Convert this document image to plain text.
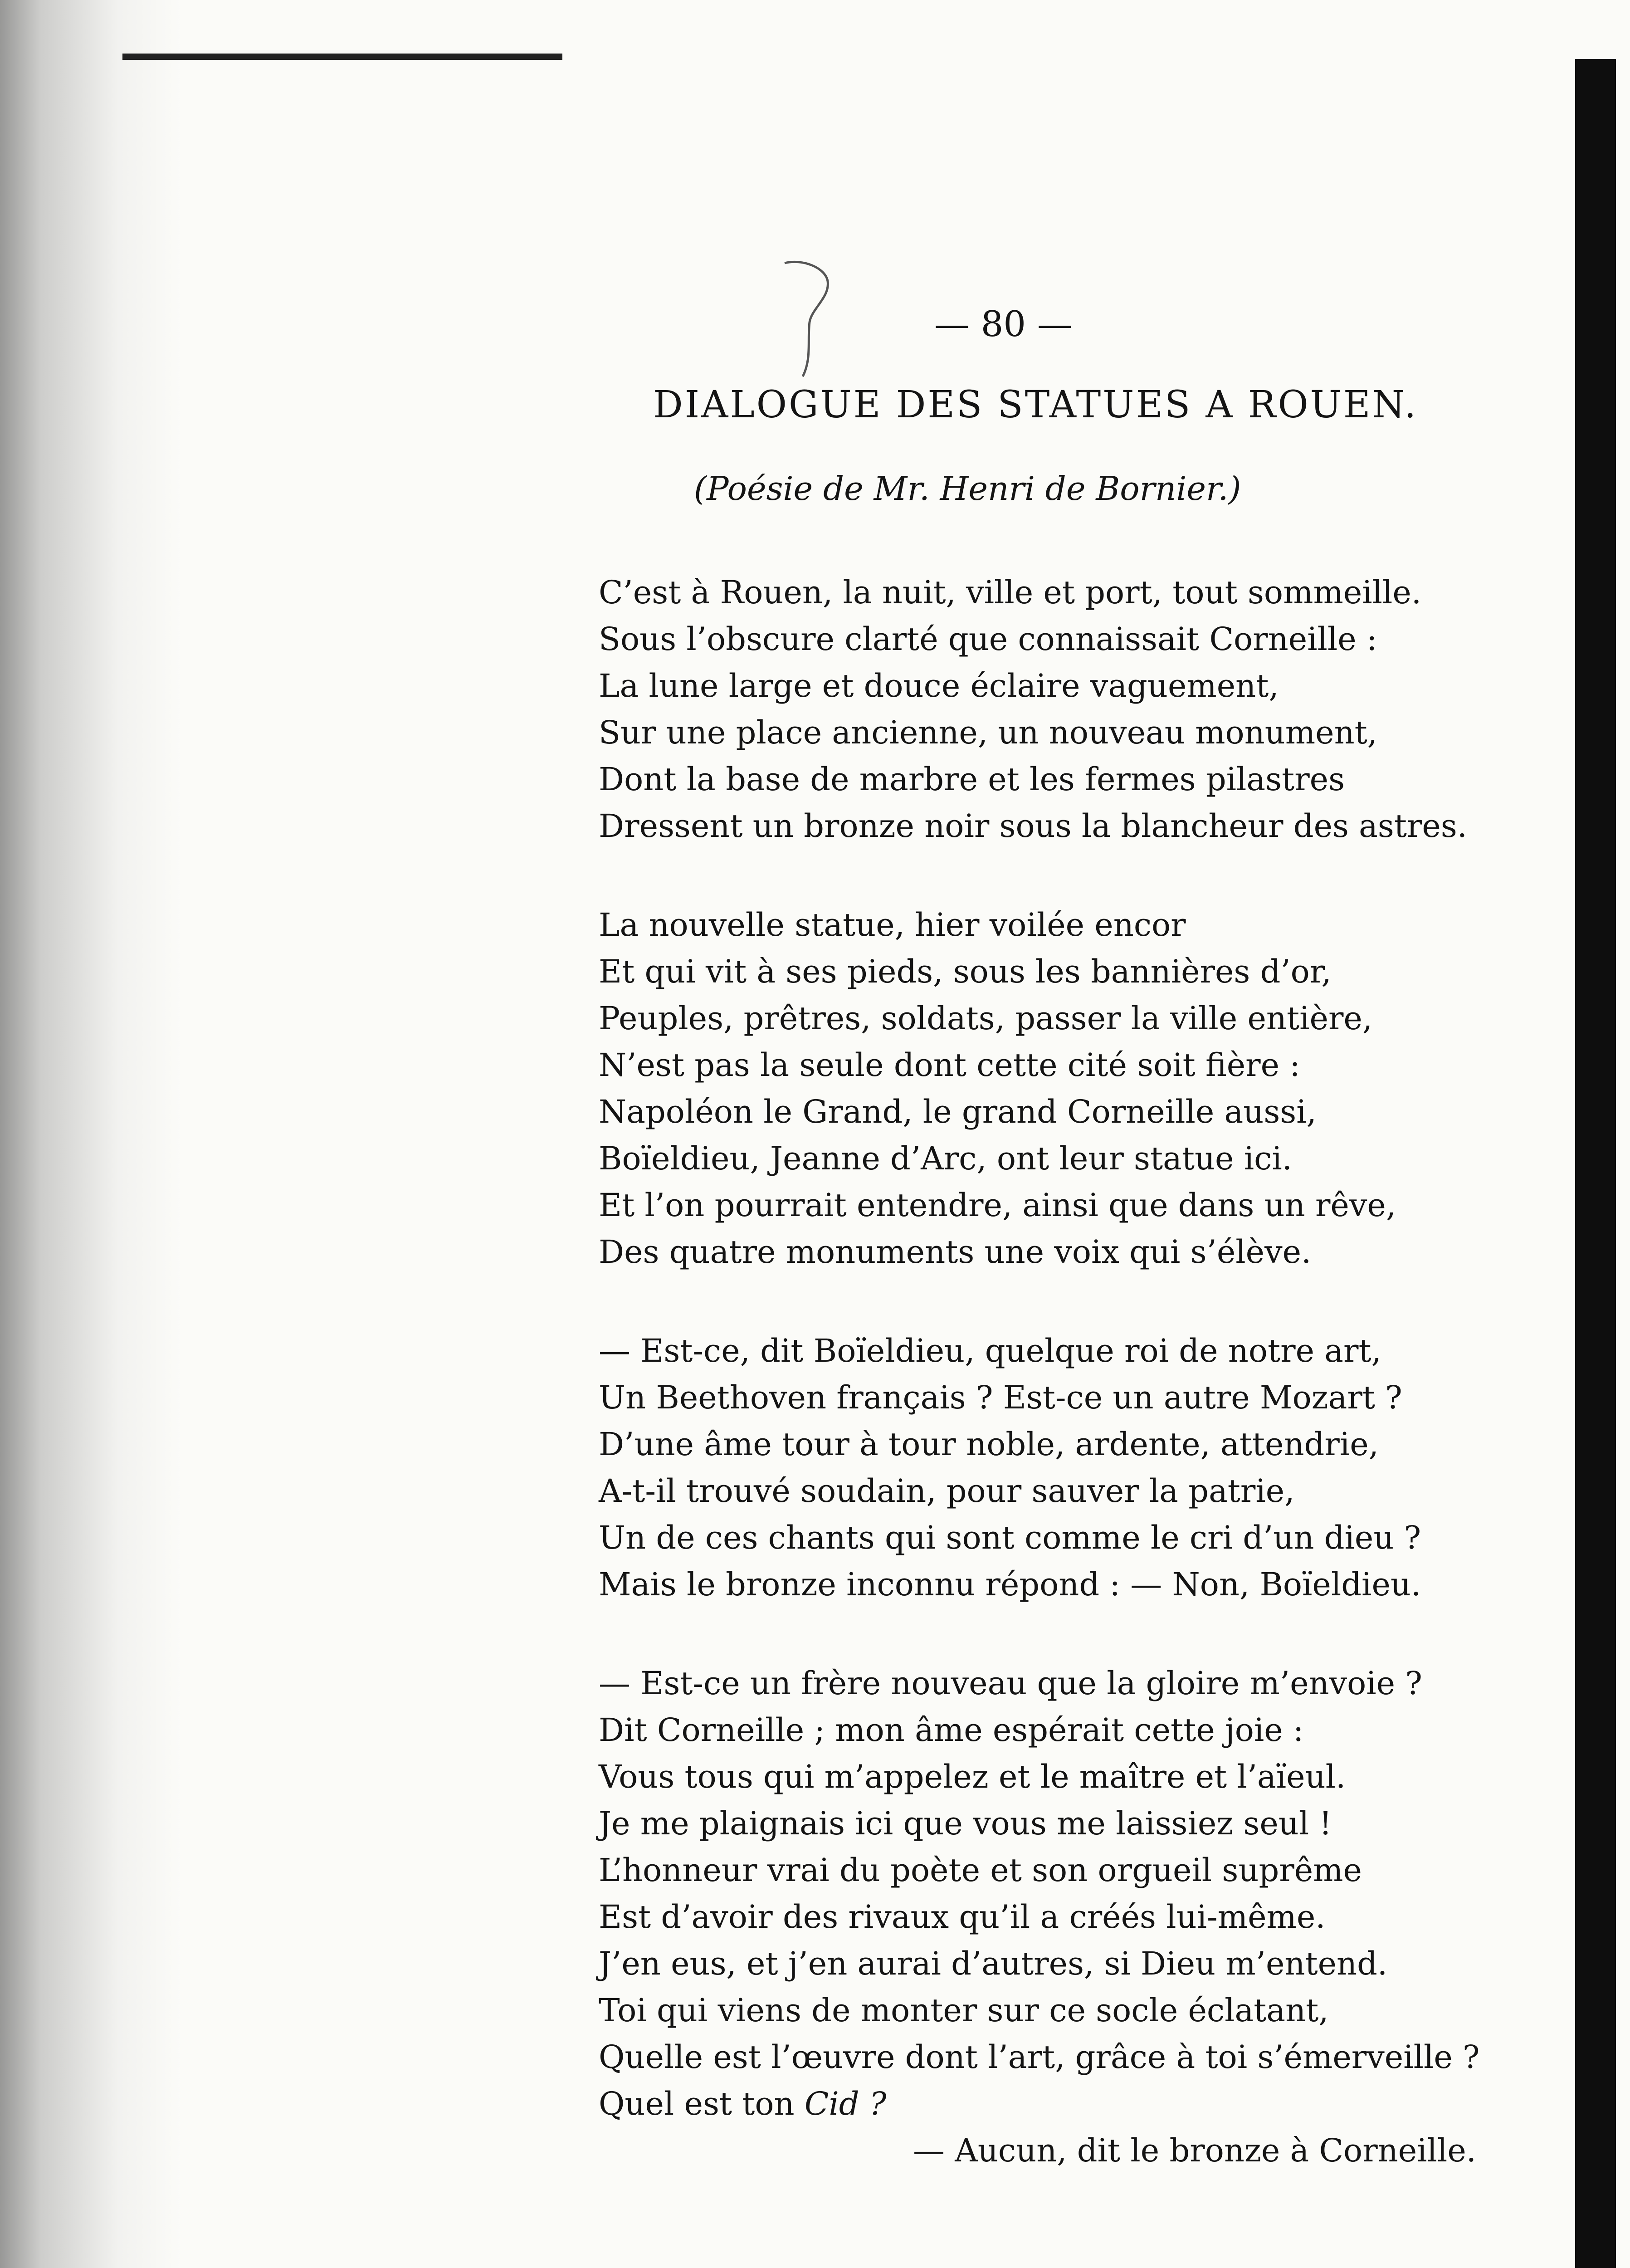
— 80 —
DIALOGUE DES STATUES A ROUEN.
(Poésie de Mr. Henri de Bornier.)
C’est à Rouen, la nuit, ville et port, tout sommeille.
Sous l’obscure clarté que connaissait Corneille :
La lune large et douce éclaire vaguement,
Sur une place ancienne, un nouveau monument,
Dont la base de marbre et les fermes pilastres
Dressent un bronze noir sous la blancheur des astres.
La nouvelle statue, hier voilée encor
Et qui vit à ses pieds, sous les bannières d’or,
Peuples, prêtres, soldats, passer la ville entière,
N’est pas la seule dont cette cité soit fière :
Napoléon le Grand, le grand Corneille aussi,
Boïeldieu, Jeanne d’Arc, ont leur statue ici.
Et l’on pourrait entendre, ainsi que dans un rêve,
Des quatre monuments une voix qui s’élève.
— Est-ce, dit Boïeldieu, quelque roi de notre art,
Un Beethoven français ? Est-ce un autre Mozart ?
D’une âme tour à tour noble, ardente, attendrie,
A-t-il trouvé soudain, pour sauver la patrie,
Un de ces chants qui sont comme le cri d’un dieu ?
Mais le bronze inconnu répond : — Non, Boïeldieu.
— Est-ce un frère nouveau que la gloire m’envoie ?
Dit Corneille ; mon âme espérait cette joie :
Vous tous qui m’appelez et le maître et l’aïeul.
Je me plaignais ici que vous me laissiez seul !
L’honneur vrai du poète et son orgueil suprême
Est d’avoir des rivaux qu’il a créés lui-même.
J’en eus, et j’en aurai d’autres, si Dieu m’entend.
Toi qui viens de monter sur ce socle éclatant,
Quelle est l’œuvre dont l’art, grâce à toi s’émerveille ?
Quel est ton Cid ?
— Aucun, dit le bronze à Corneille.
